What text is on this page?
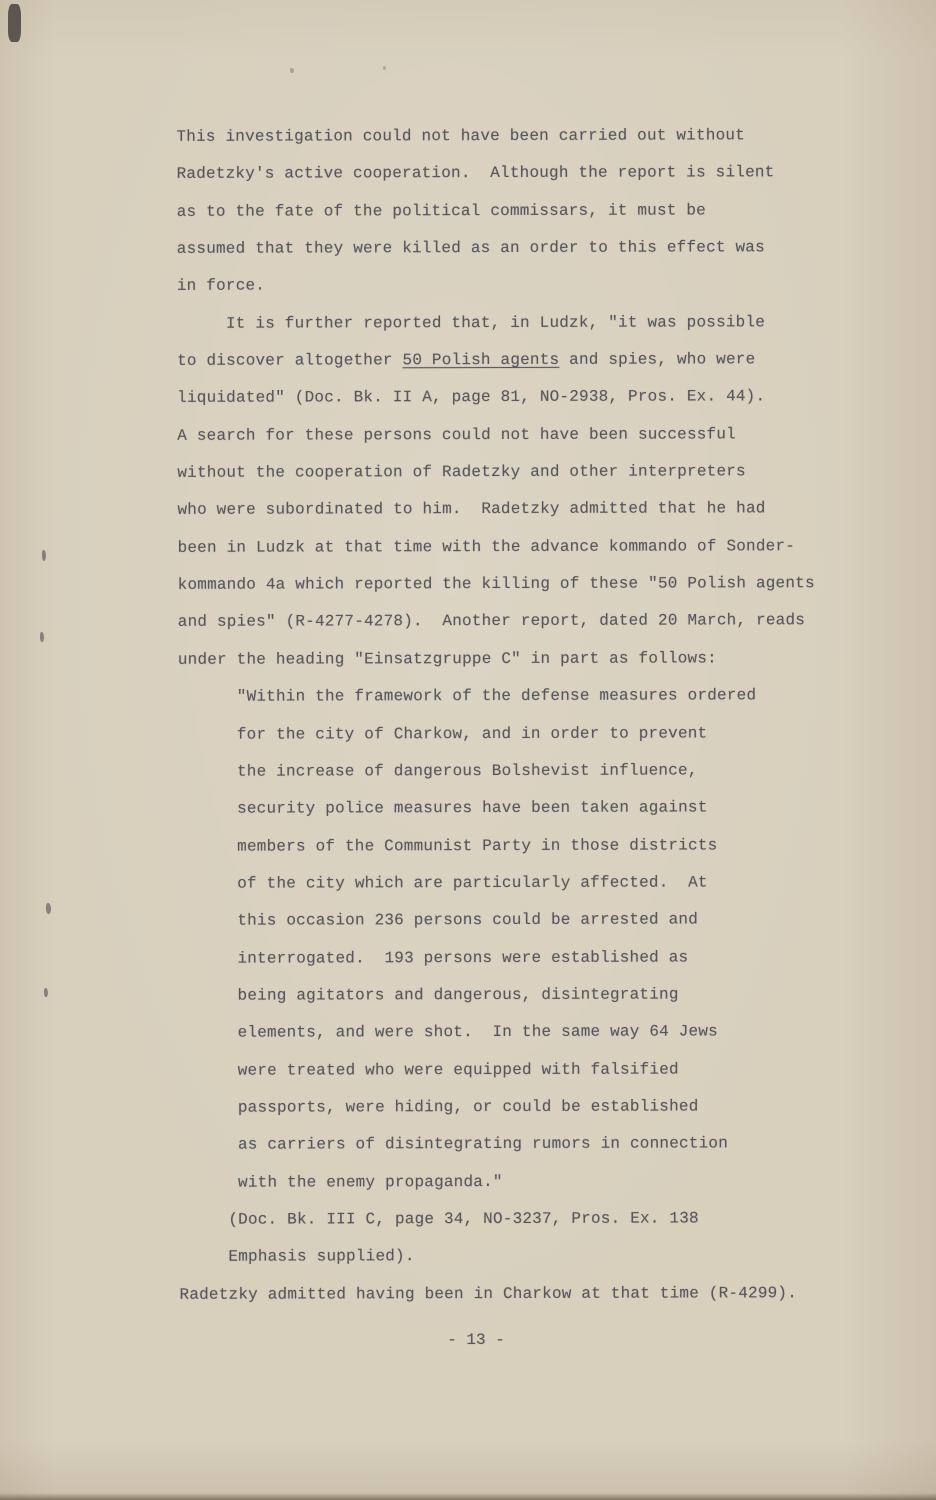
This investigation could not have been carried out without
Radetzky's active cooperation.  Although the report is silent
as to the fate of the political commissars, it must be
assumed that they were killed as an order to this effect was
in force.
It is further reported that, in Ludzk, "it was possible
to discover altogether 50 Polish agents and spies, who were
liquidated" (Doc. Bk. II A, page 81, NO-2938, Pros. Ex. 44).
A search for these persons could not have been successful
without the cooperation of Radetzky and other interpreters
who were subordinated to him.  Radetzky admitted that he had
been in Ludzk at that time with the advance kommando of Sonder-
kommando 4a which reported the killing of these "50 Polish agents
and spies" (R-4277-4278).  Another report, dated 20 March, reads
under the heading "Einsatzgruppe C" in part as follows:
"Within the framework of the defense measures ordered
for the city of Charkow, and in order to prevent
the increase of dangerous Bolshevist influence,
security police measures have been taken against
members of the Communist Party in those districts
of the city which are particularly affected.  At
this occasion 236 persons could be arrested and
interrogated.  193 persons were established as
being agitators and dangerous, disintegrating
elements, and were shot.  In the same way 64 Jews
were treated who were equipped with falsified
passports, were hiding, or could be established
as carriers of disintegrating rumors in connection
with the enemy propaganda."
(Doc. Bk. III C, page 34, NO-3237, Pros. Ex. 138
Emphasis supplied).
Radetzky admitted having been in Charkow at that time (R-4299).
- 13 -
